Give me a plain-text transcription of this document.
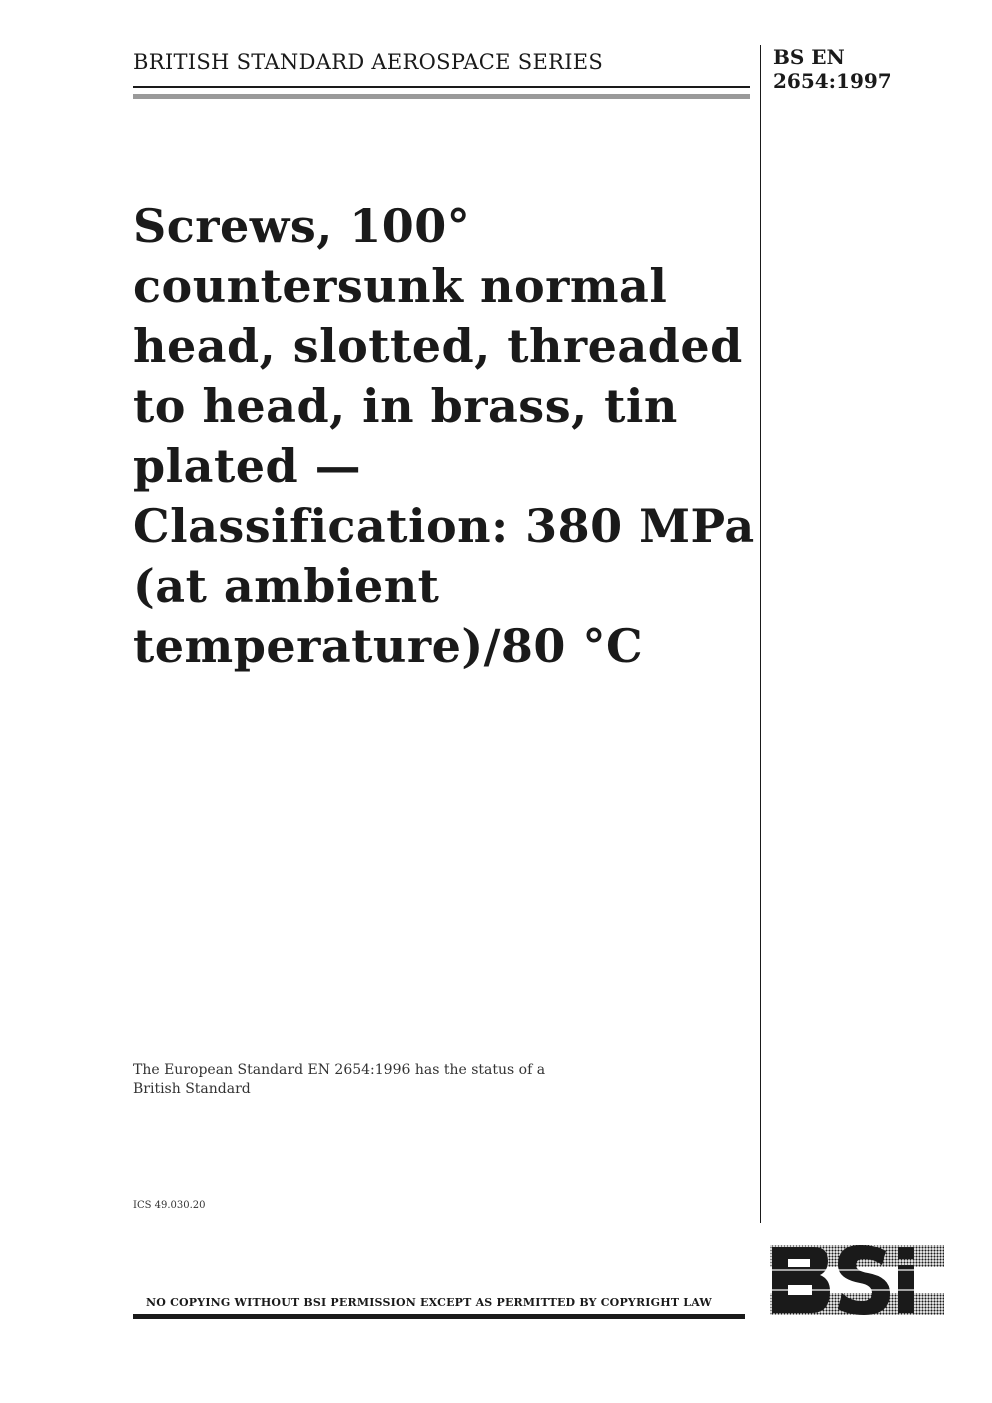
BRITISH STANDARD AEROSPACE SERIES	BS EN
2654:1997
Screws, 100°
countersunk normal
head, slotted, threaded
to head, in brass, tin
plated —
Classification: 380 MPa
(at ambient
temperature)/80 °C
The European Standard EN 2654:1996 has the status of a
British Standard
ICS 49.030.20
NO COPYING WITHOUT BSI PERMISSION EXCEPT AS PERMITTED BY COPYRIGHT LAW
